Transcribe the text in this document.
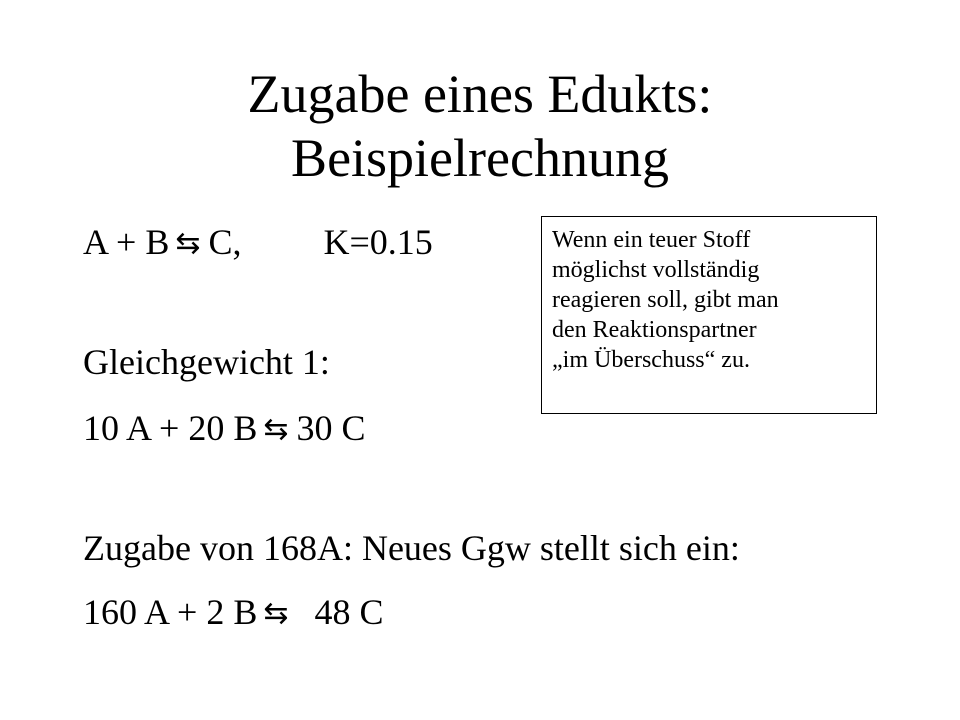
Zugabe eines Edukts:
Beispielrechnung
A + B ⇆ C, K=0.15
Gleichgewicht 1:
10 A + 20 B ⇆ 30 C
Zugabe von 168A: Neues Ggw stellt sich ein:
160 A + 2 B ⇆ 48 C
Wenn ein teuer Stoff
möglichst vollständig
reagieren soll, gibt man
den Reaktionspartner
„im Überschuss“ zu.
